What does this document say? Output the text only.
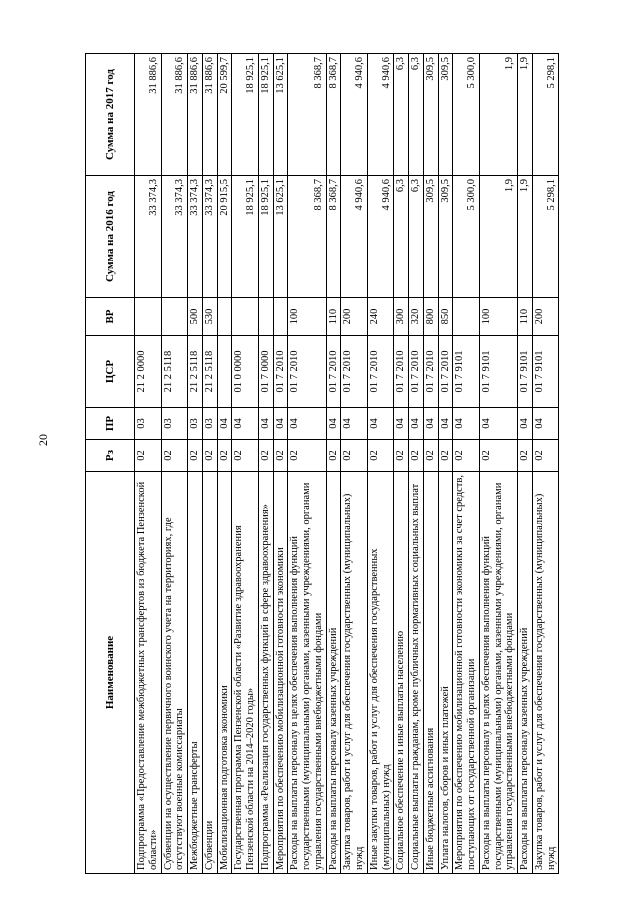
20
Наименование	Рз	ПР	ЦСР	ВР	Сумма на 2016 год	Сумма на 2017 год
Подпрограмма «Предоставление межбюджетных трансфертов из бюджета Пензенской области»	02	03	21 2 0000		33 374,3	31 886,6
Субвенции на осуществление первичного воинского учета на территориях, где отсутствуют военные комиссариаты	02	03	21 2 5118		33 374,3	31 886,6
Межбюджетные трансферты	02	03	21 2 5118	500	33 374,3	31 886,6
Субвенции	02	03	21 2 5118	530	33 374,3	31 886,6
Мобилизационная подготовка экономики	02	04			20 915,5	20 599,7
Государственная программа Пензенской области «Развитие здравоохранения Пензенской области на 2014–2020 годы»	02	04	01 0 0000		18 925,1	18 925,1
Подпрограмма «Реализация государственных функций в сфере здравоохранения»	02	04	01 7 0000		18 925,1	18 925,1
Мероприятия по обеспечению мобилизационной готовности экономики	02	04	01 7 2010		13 625,1	13 625,1
Расходы на выплаты персоналу в целях обеспечения выполнения функций государственными (муниципальными) органами, казенными учреждениями, органами управления государственными внебюджетными фондами	02	04	01 7 2010	100	8 368,7	8 368,7
Расходы на выплаты персоналу казенных учреждений	02	04	01 7 2010	110	8 368,7	8 368,7
Закупка товаров, работ и услуг для обеспечения государственных (муниципальных) нужд	02	04	01 7 2010	200	4 940,6	4 940,6
Иные закупки товаров, работ и услуг для обеспечения государственных (муниципальных) нужд	02	04	01 7 2010	240	4 940,6	4 940,6
Социальное обеспечение и иные выплаты населению	02	04	01 7 2010	300	6,3	6,3
Социальные выплаты гражданам, кроме публичных нормативных социальных выплат	02	04	01 7 2010	320	6,3	6,3
Иные бюджетные ассигнования	02	04	01 7 2010	800	309,5	309,5
Уплата налогов, сборов и иных платежей	02	04	01 7 2010	850	309,5	309,5
Мероприятия по обеспечению мобилизационной готовности экономики за счет средств, поступающих от государственной организации	02	04	01 7 9101		5 300,0	5 300,0
Расходы на выплаты персоналу в целях обеспечения выполнения функций государственными (муниципальными) органами, казенными учреждениями, органами управления государственными внебюджетными фондами	02	04	01 7 9101	100	1,9	1,9
Расходы на выплаты персоналу казенных учреждений	02	04	01 7 9101	110	1,9	1,9
Закупка товаров, работ и услуг для обеспечения государственных (муниципальных) нужд	02	04	01 7 9101	200	5 298,1	5 298,1
